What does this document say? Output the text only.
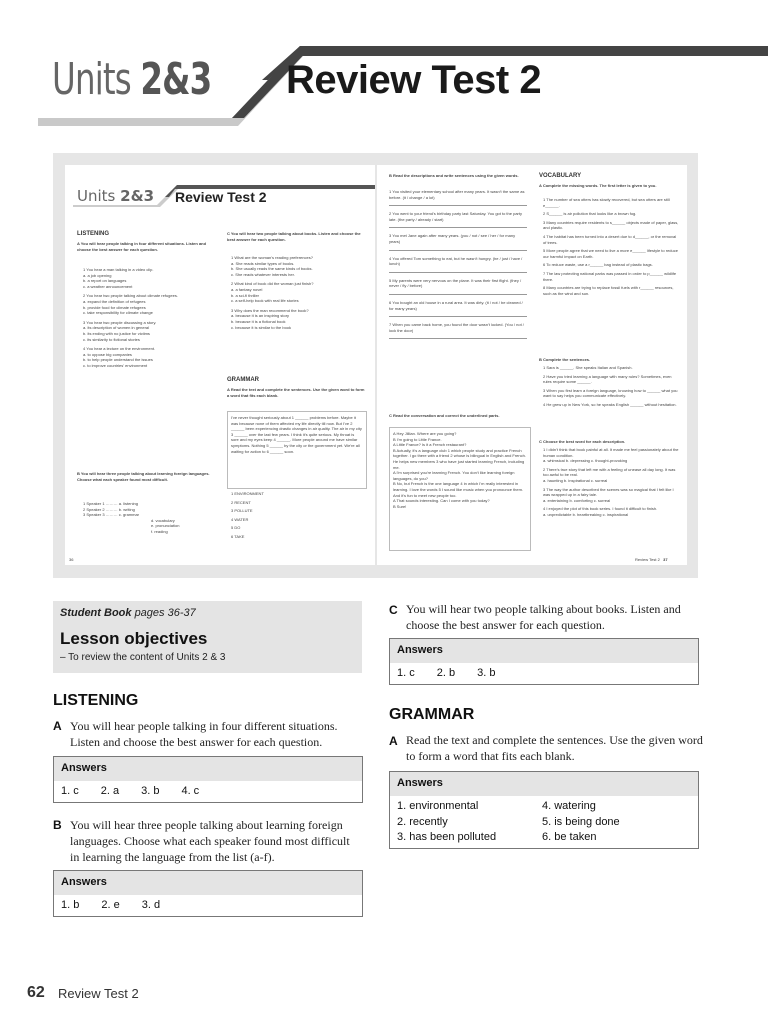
Units 2&3 Review Test 2
Units 2&3 Review Test 2
LISTENING
A You will hear people talking in four different situations. Listen and choose the best answer for each question.

1 You hear a man talking in a video clip.

a. a job opening

b. a report on languages

c. a weather announcement

2 You hear two people talking about climate refugees.

a. expand the definition of refugees

b. provide food for climate refugees

c. take responsibility for climate change

3 You hear two people discussing a story.

a. its description of women in general

b. its ending with no justice for victims

c. its similarity to fictional stories

4 You hear a lecture on the environment.

a. to oppose big companies

b. to help people understand the issues

c. to improve countries' environment

B You will hear three people talking about learning foreign languages. Choose what each speaker found most difficult.

1 Speaker 1 ……… a. listening

2 Speaker 2 ……… b. writing

3 Speaker 3 ……… c. grammar

d. vocabulary

e. pronunciation

f. reading

C You will hear two people talking about books. Listen and choose the best answer for each question.

1 What are the woman's reading preferences?

a. She reads similar types of books.

b. She usually reads the same kinds of books.

c. She reads whatever interests her.

2 What kind of book did the woman just finish?

a. a fantasy novel

b. a sci-fi thriller

c. a self-help book with real life stories

3 Why does the man recommend the book?

a. because it is an inspiring story

b. because it is a fictional book

c. because it is similar to the book

GRAMMAR
A Read the text and complete the sentences. Use the given word to form a word that fits each blank.

I've never thought seriously about 1 ______ problems before. Maybe it was because none of them affected my life directly till now. But I've 2 ______ been experiencing drastic changes in air quality. The air in my city 3 ______ over the last few years. I think it's quite serious. My throat is sore and my eyes keep 4 ______. More people around me have similar symptoms. Nothing 5 ______ by the city or the government yet. We're all waiting for action to 6 ______ soon.

1 ENVIRONMENT

2 RECENT

3 POLLUTE

4 WATER

5 DO

6 TAKE

36
B Read the descriptions and write sentences using the given words.

1 You visited your elementary school after many years. It wasn't the same as before. (it / change / a lot)

2 You went to your friend's birthday party last Saturday. You got to the party late. (the party / already / start)

3 You met Jane again after many years. (you / not / see / her / for many years)

4 You offered Tom something to eat, but he wasn't hungry. (he / just / have / lunch)

5 My parents were very nervous on the plane. It was their first flight. (they / never / fly / before)

6 You bought an old house in a rural area. It was dirty. (it / not / be cleaned / for many years)

7 When you came back home, you found the door wasn't locked. (You / not / lock the door)

C Read the conversation and correct the underlined parts.

A Hey Jillian. Where are you going?

B I'm going to Little France.

A Little France? Is it a French restaurant?

B Actually, it's a language club 1 which people study and practice French together. I go there with a friend 2 whose is bilingual in English and French. He helps new members 3 who have just started learning French, including me.

A I'm surprised you're learning French. You don't like learning foreign languages, do you?

B No, but French is the one language 4 in which I'm really interested in learning. I love the words 5 I sound like music when you pronounce them. And it's fun to meet new people too.

A That sounds interesting. Can I come with you today?

B Sure!

VOCABULARY
A Complete the missing words. The first letter is given to you.

1 The number of sea otters has slowly recovered, but sea otters are still e______.

2 S______ is air pollution that looks like a brown fog.

3 Many countries require residents to s______ objects made of paper, glass, and plastic.

4 The habitat has been turned into a desert due to d______, or the removal of trees.

5 More people agree that we need to live a more e______ lifestyle to reduce our harmful impact on Earth.

6 To reduce waste, use a r______ bag instead of plastic bags.

7 The law protecting national parks was passed in order to p______ wildlife there.

8 Many countries are trying to replace fossil fuels with r______ resources, such as the wind and sun.

B Complete the sentences.

1 Sara is ______. She speaks Italian and Spanish.

2 Have you tried learning a language with many rules? Sometimes, even rules require some ______.

3 When you first learn a foreign language, knowing how to ______ what you want to say helps you communicate effectively.

4 He grew up in New York, so he speaks English ______ without hesitation.

C Choose the best word for each description.

1 I didn't think that book painful at all. It made me feel passionately about the human condition.

a. whimsical b. depressing c. thought-provoking

2 There's true story that left me with a feeling of unease all day long. It was too awful to be real.

a. haunting b. inspirational c. surreal

3 The way the author described the scenes was so magical that I felt like I was wrapped up in a fairy tale.

a. entertaining b. comforting c. surreal

4 I enjoyed the plot of this book series. I found it difficult to finish.

a. unpredictable b. heartbreaking c. inspirational

Review Test 2 37
Student Book pages 36-37
Lesson objectives
– To review the content of Units 2 & 3
LISTENING
A You will hear people talking in four different situations. Listen and choose the best answer for each question.
Answers
1. c 2. a 3. b 4. c
B You will hear three people talking about learning foreign languages. Choose what each speaker found most difficult in learning the language from the list (a-f).
Answers
1. b 2. e 3. d
C You will hear two people talking about books. Listen and choose the best answer for each question.
Answers
1. c 2. b 3. b
GRAMMAR
A Read the text and complete the sentences. Use the given word to form a word that fits each blank.
Answers
1. environmental
2. recently
3. has been polluted
4. watering
5. is being done
6. be taken
62 Review Test 2
